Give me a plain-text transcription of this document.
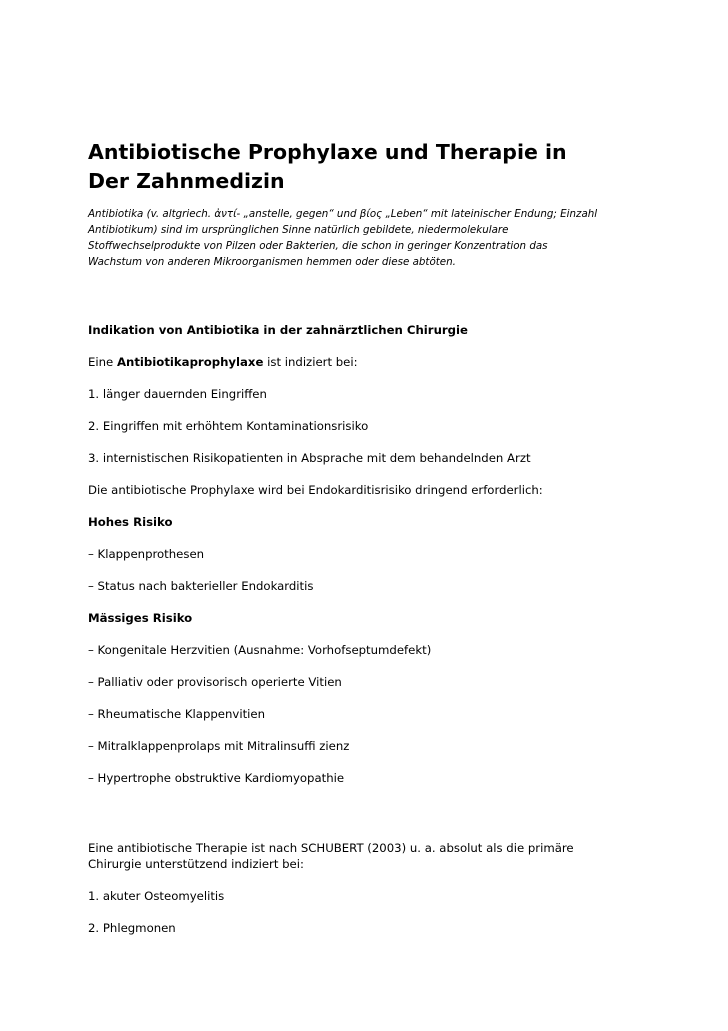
Antibiotische Prophylaxe und Therapie in
Der Zahnmedizin

Antibiotika (v. altgriech. ἀντί- „anstelle, gegen“ und βίος „Leben“ mit lateinischer Endung; Einzahl
Antibiotikum) sind im ursprünglichen Sinne natürlich gebildete, niedermolekulare
Stoffwechselprodukte von Pilzen oder Bakterien, die schon in geringer Konzentration das
Wachstum von anderen Mikroorganismen hemmen oder diese abtöten.

Indikation von Antibiotika in der zahnärztlichen Chirurgie

Eine Antibiotikaprophylaxe ist indiziert bei:

1. länger dauernden Eingriffen

2. Eingriffen mit erhöhtem Kontaminationsrisiko

3. internistischen Risikopatienten in Absprache mit dem behandelnden Arzt

Die antibiotische Prophylaxe wird bei Endokarditisrisiko dringend erforderlich:

Hohes Risiko

– Klappenprothesen

– Status nach bakterieller Endokarditis

Mässiges Risiko

– Kongenitale Herzvitien (Ausnahme: Vorhofseptumdefekt)

– Palliativ oder provisorisch operierte Vitien

– Rheumatische Klappenvitien

– Mitralklappenprolaps mit Mitralinsuffi zienz

– Hypertrophe obstruktive Kardiomyopathie

Eine antibiotische Therapie ist nach SCHUBERT (2003) u. a. absolut als die primäre
Chirurgie unterstützend indiziert bei:

1. akuter Osteomyelitis

2. Phlegmonen
